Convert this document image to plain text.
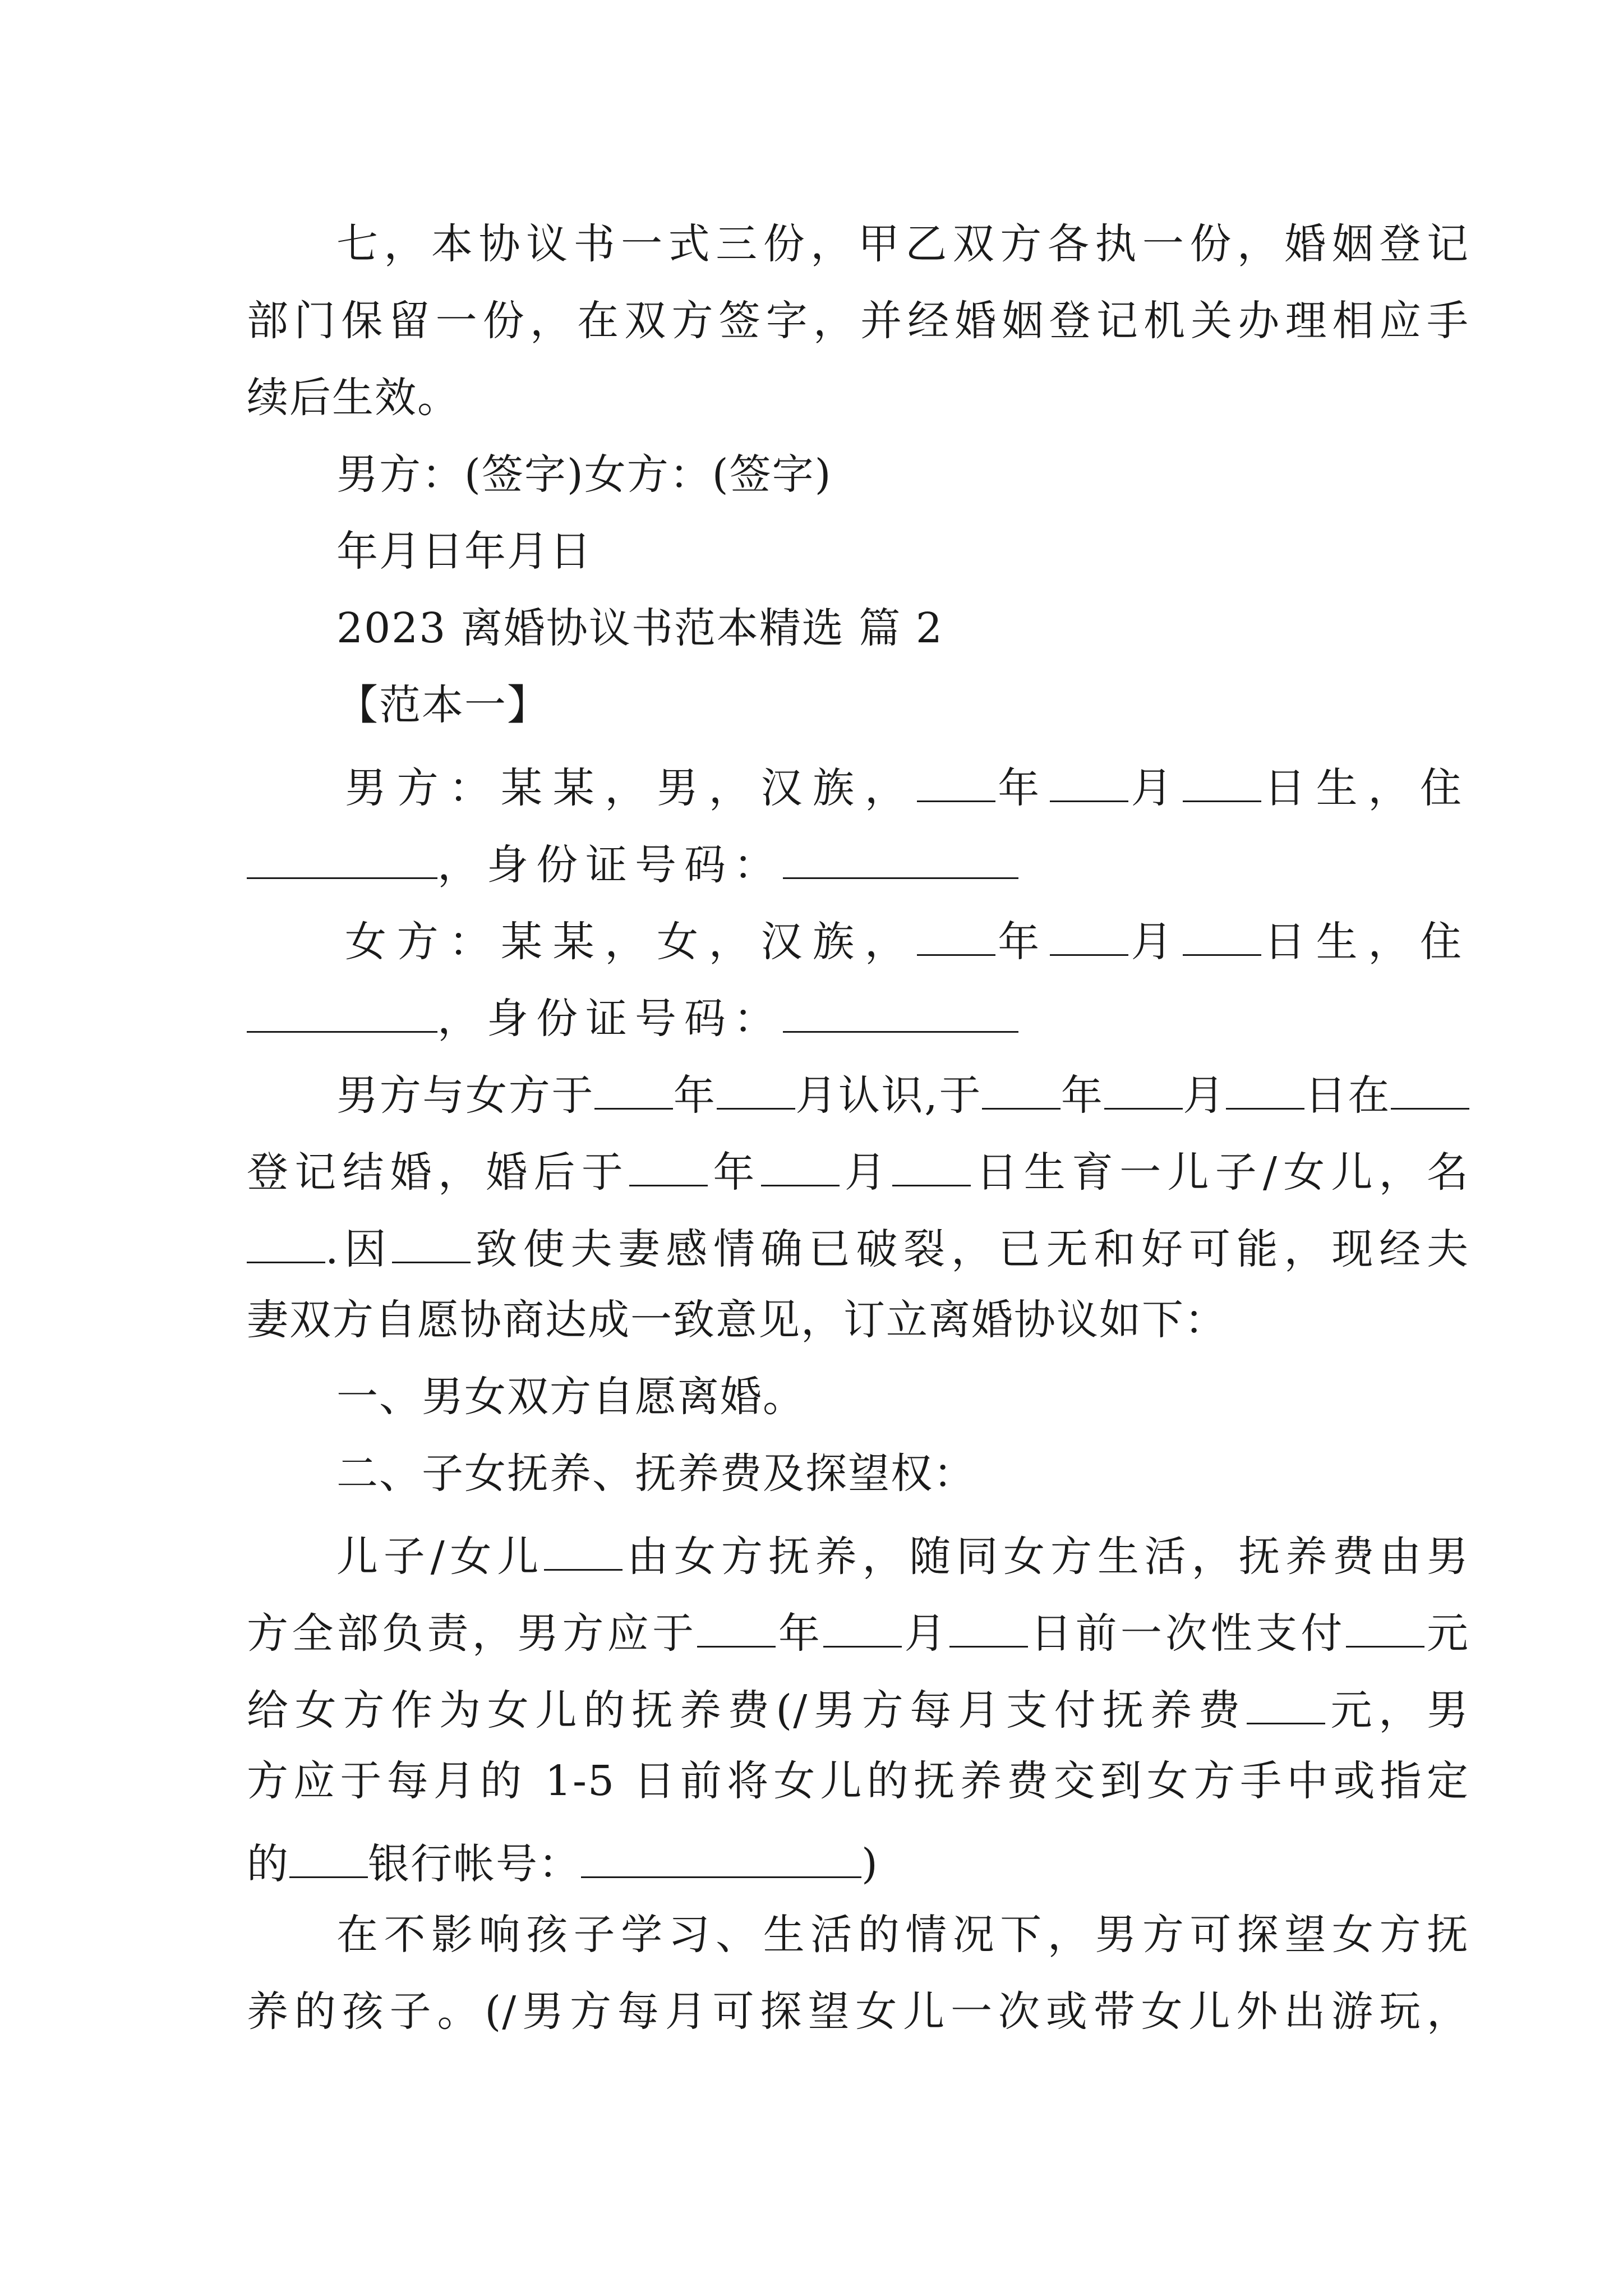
七，本协议书一式三份，甲乙双方各执一份，婚姻登记
部门保留一份，在双方签字，并经婚姻登记机关办理相应手
续后生效。
男方：(签字)女方：(签字)
年月日年月日
2023 离婚协议书范本精选 篇 2
【范本一】
男方：某某，男，汉族， 年 月 日生，住
，身份证号码：
女方：某某，女，汉族， 年 月 日生，住
，身份证号码：
男方与女方于 年 月认识,于 年 月 日在
登记结婚，婚后于 年 月 日生育一儿子/女儿，名
.因 致使夫妻感情确已破裂，已无和好可能，现经夫
妻双方自愿协商达成一致意见，订立离婚协议如下：
一、男女双方自愿离婚。
二、子女抚养、抚养费及探望权：
儿子/女儿 由女方抚养，随同女方生活，抚养费由男
方全部负责，男方应于 年 月 日前一次性支付 元
给女方作为女儿的抚养费(/男方每月支付抚养费 元，男
方应于每月的 1-5 日前将女儿的抚养费交到女方手中或指定
的 银行帐号：	)
在不影响孩子学习、生活的情况下，男方可探望女方抚
养的孩子。(/男方每月可探望女儿一次或带女儿外出游玩，
